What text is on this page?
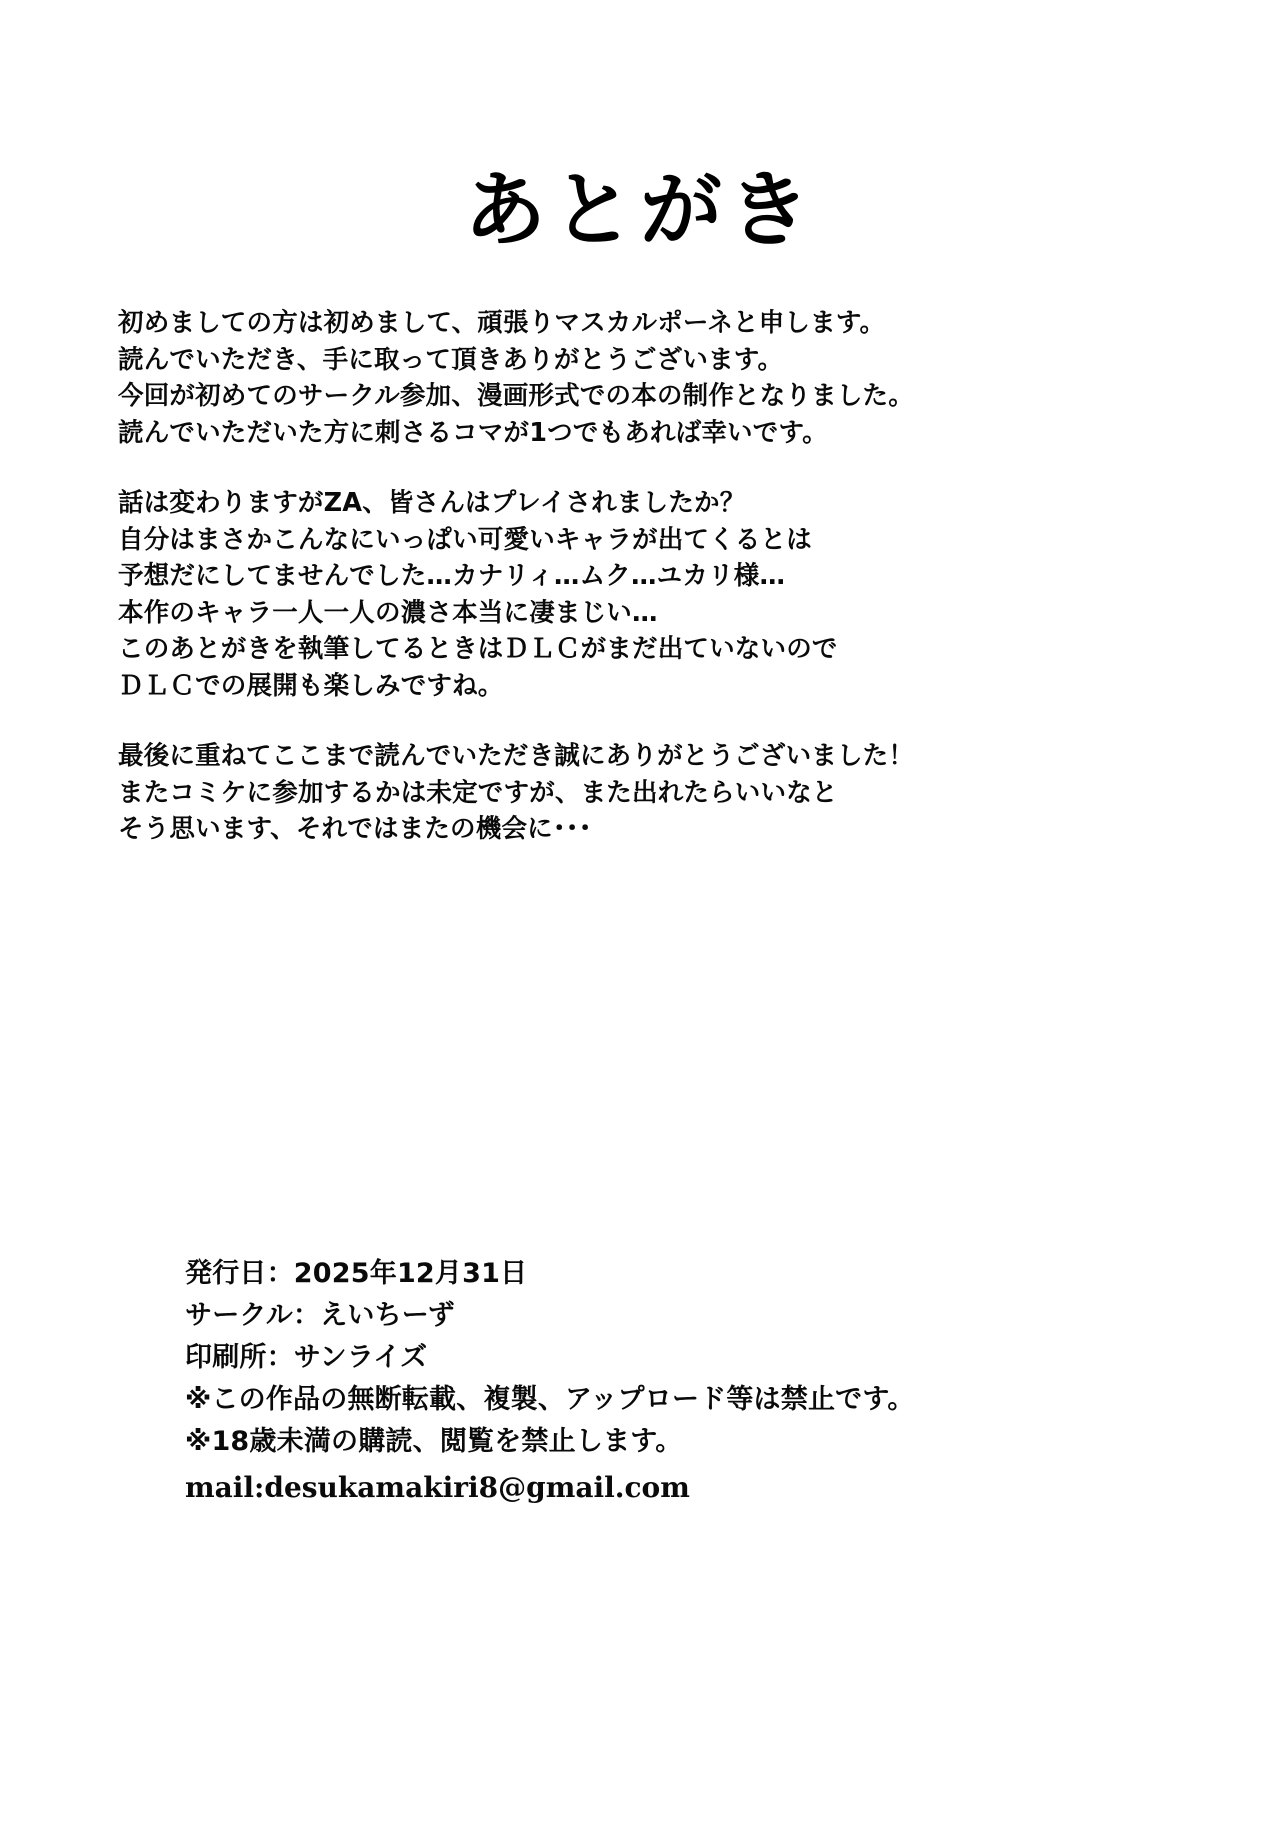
あとがき

初めましての方は初めまして、頑張りマスカルポーネと申します。

読んでいただき、手に取って頂きありがとうございます。

今回が初めてのサークル参加、漫画形式での本の制作となりました。

読んでいただいた方に刺さるコマが1つでもあれば幸いです。

話は変わりますがZA、皆さんはプレイされましたか？

自分はまさかこんなにいっぱい可愛いキャラが出てくるとは

予想だにしてませんでした…カナリィ…ムク…ユカリ様…

本作のキャラ一人一人の濃さ本当に凄まじい…

このあとがきを執筆してるときはＤＬＣがまだ出ていないので

ＤＬＣでの展開も楽しみですね。

最後に重ねてここまで読んでいただき誠にありがとうございました！

またコミケに参加するかは未定ですが、また出れたらいいなと

そう思います、それではまたの機会に･･･

発行日：2025年12月31日
サークル：えいちーず
印刷所：サンライズ
※この作品の無断転載、複製、アップロード等は禁止です。
※18歳未満の購読、閲覧を禁止します。
mail:desukamakiri8@gmail.com
